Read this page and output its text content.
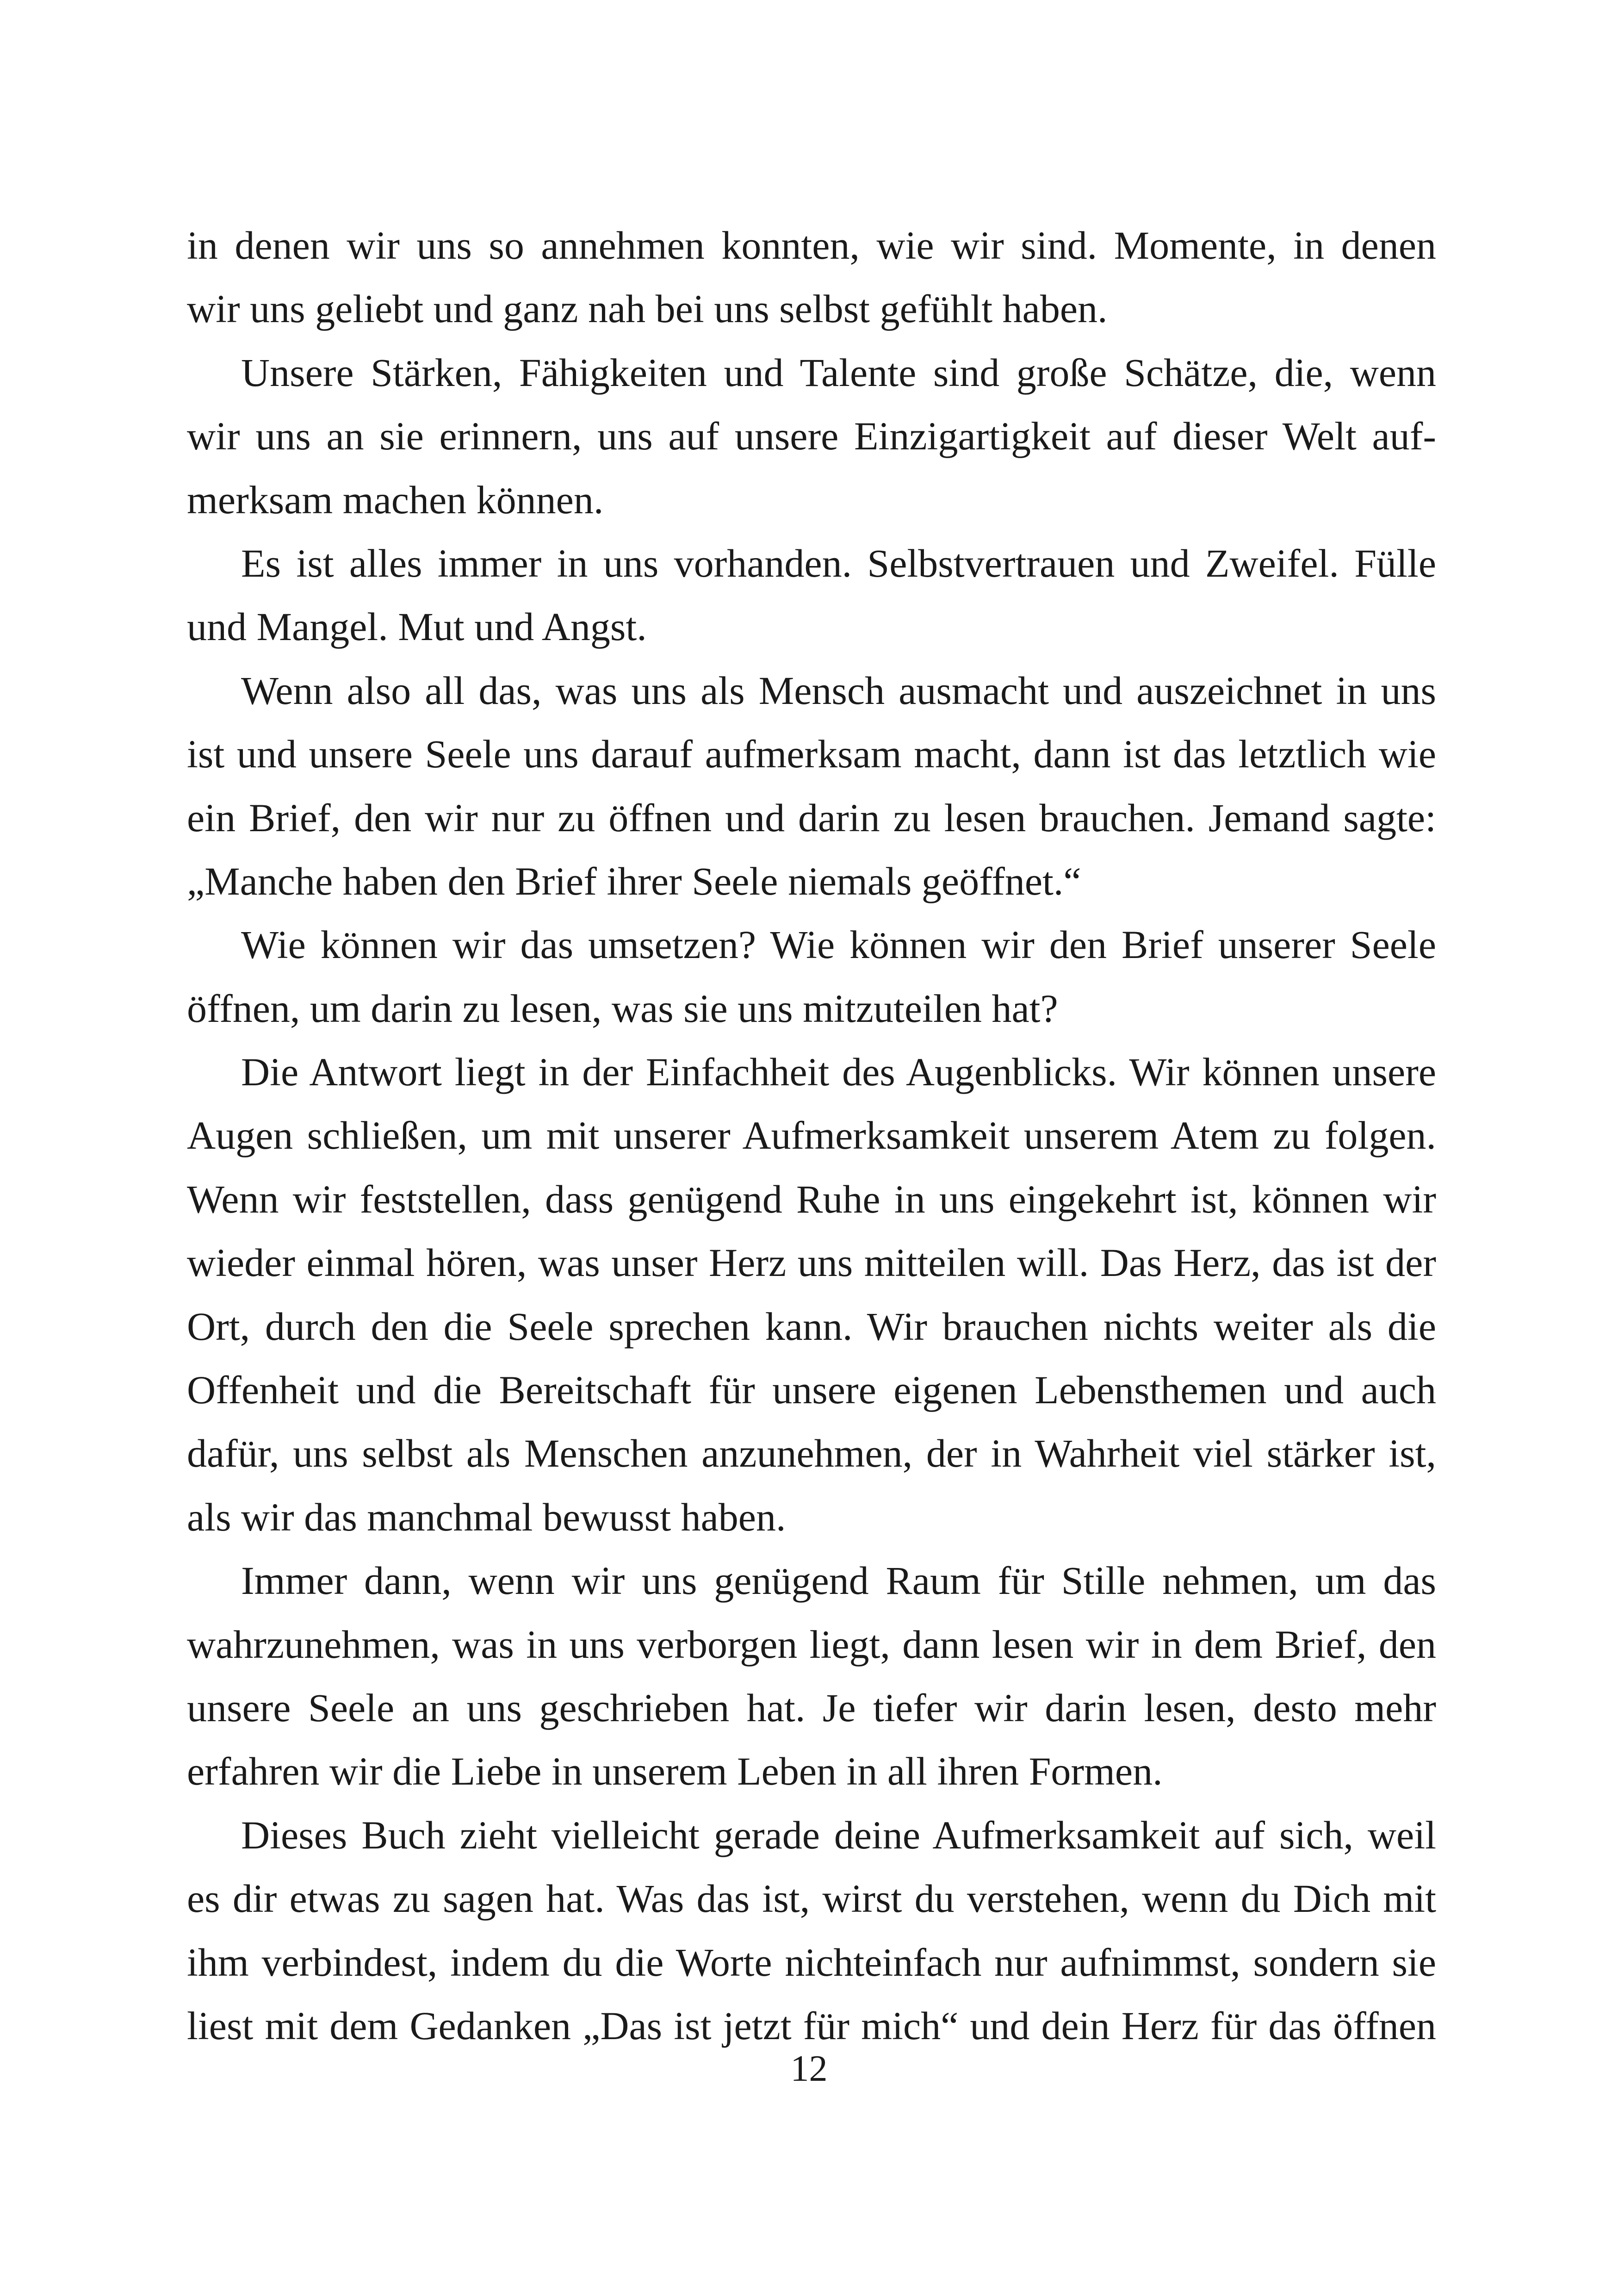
in denen wir uns so annehmen konnten, wie wir sind. Momente, in denen
wir uns geliebt und ganz nah bei uns selbst gefühlt haben.
Unsere Stärken, Fähigkeiten und Talente sind große Schätze, die, wenn
wir uns an sie erinnern, uns auf unsere Einzigartigkeit auf dieser Welt auf-
merksam machen können.
Es ist alles immer in uns vorhanden. Selbstvertrauen und Zweifel. Fülle
und Mangel. Mut und Angst.
Wenn also all das, was uns als Mensch ausmacht und auszeichnet in uns
ist und unsere Seele uns darauf aufmerksam macht, dann ist das letztlich wie
ein Brief, den wir nur zu öffnen und darin zu lesen brauchen. Jemand sagte:
„Manche haben den Brief ihrer Seele niemals geöffnet.“
Wie können wir das umsetzen? Wie können wir den Brief unserer Seele
öffnen, um darin zu lesen, was sie uns mitzuteilen hat?
Die Antwort liegt in der Einfachheit des Augenblicks. Wir können unsere
Augen schließen, um mit unserer Aufmerksamkeit unserem Atem zu folgen.
Wenn wir feststellen, dass genügend Ruhe in uns eingekehrt ist, können wir
wieder einmal hören, was unser Herz uns mitteilen will. Das Herz, das ist der
Ort, durch den die Seele sprechen kann. Wir brauchen nichts weiter als die
Offenheit und die Bereitschaft für unsere eigenen Lebensthemen und auch
dafür, uns selbst als Menschen anzunehmen, der in Wahrheit viel stärker ist,
als wir das manchmal bewusst haben.
Immer dann, wenn wir uns genügend Raum für Stille nehmen, um das
wahrzunehmen, was in uns verborgen liegt, dann lesen wir in dem Brief, den
unsere Seele an uns geschrieben hat. Je tiefer wir darin lesen, desto mehr
erfahren wir die Liebe in unserem Leben in all ihren Formen.
Dieses Buch zieht vielleicht gerade deine Aufmerksamkeit auf sich, weil
es dir etwas zu sagen hat. Was das ist, wirst du verstehen, wenn du Dich mit
ihm verbindest, indem du die Worte nichteinfach nur aufnimmst, sondern sie
liest mit dem Gedanken „Das ist jetzt für mich“ und dein Herz für das öffnen
12
